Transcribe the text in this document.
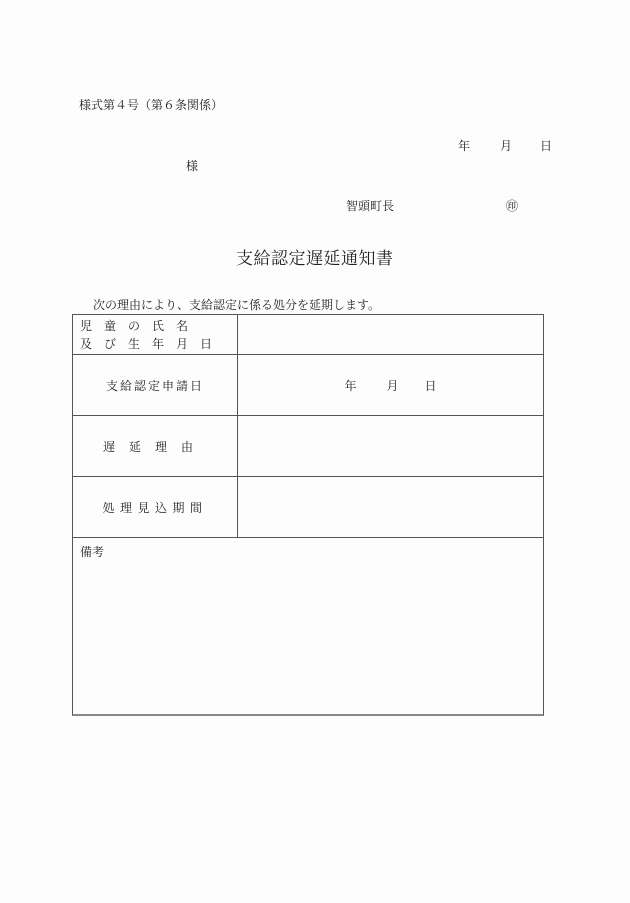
様式第４号（第６条関係）
年	月 日
様
智頭町長	㊞
支給認定遅延通知書
次の理由により、支給認定に係る処分を延期します。
児　童　の　氏　名
及　び　生　年　月　日
支給認定申請日	年	月 日
遅延理由
処理見込期間
備考
